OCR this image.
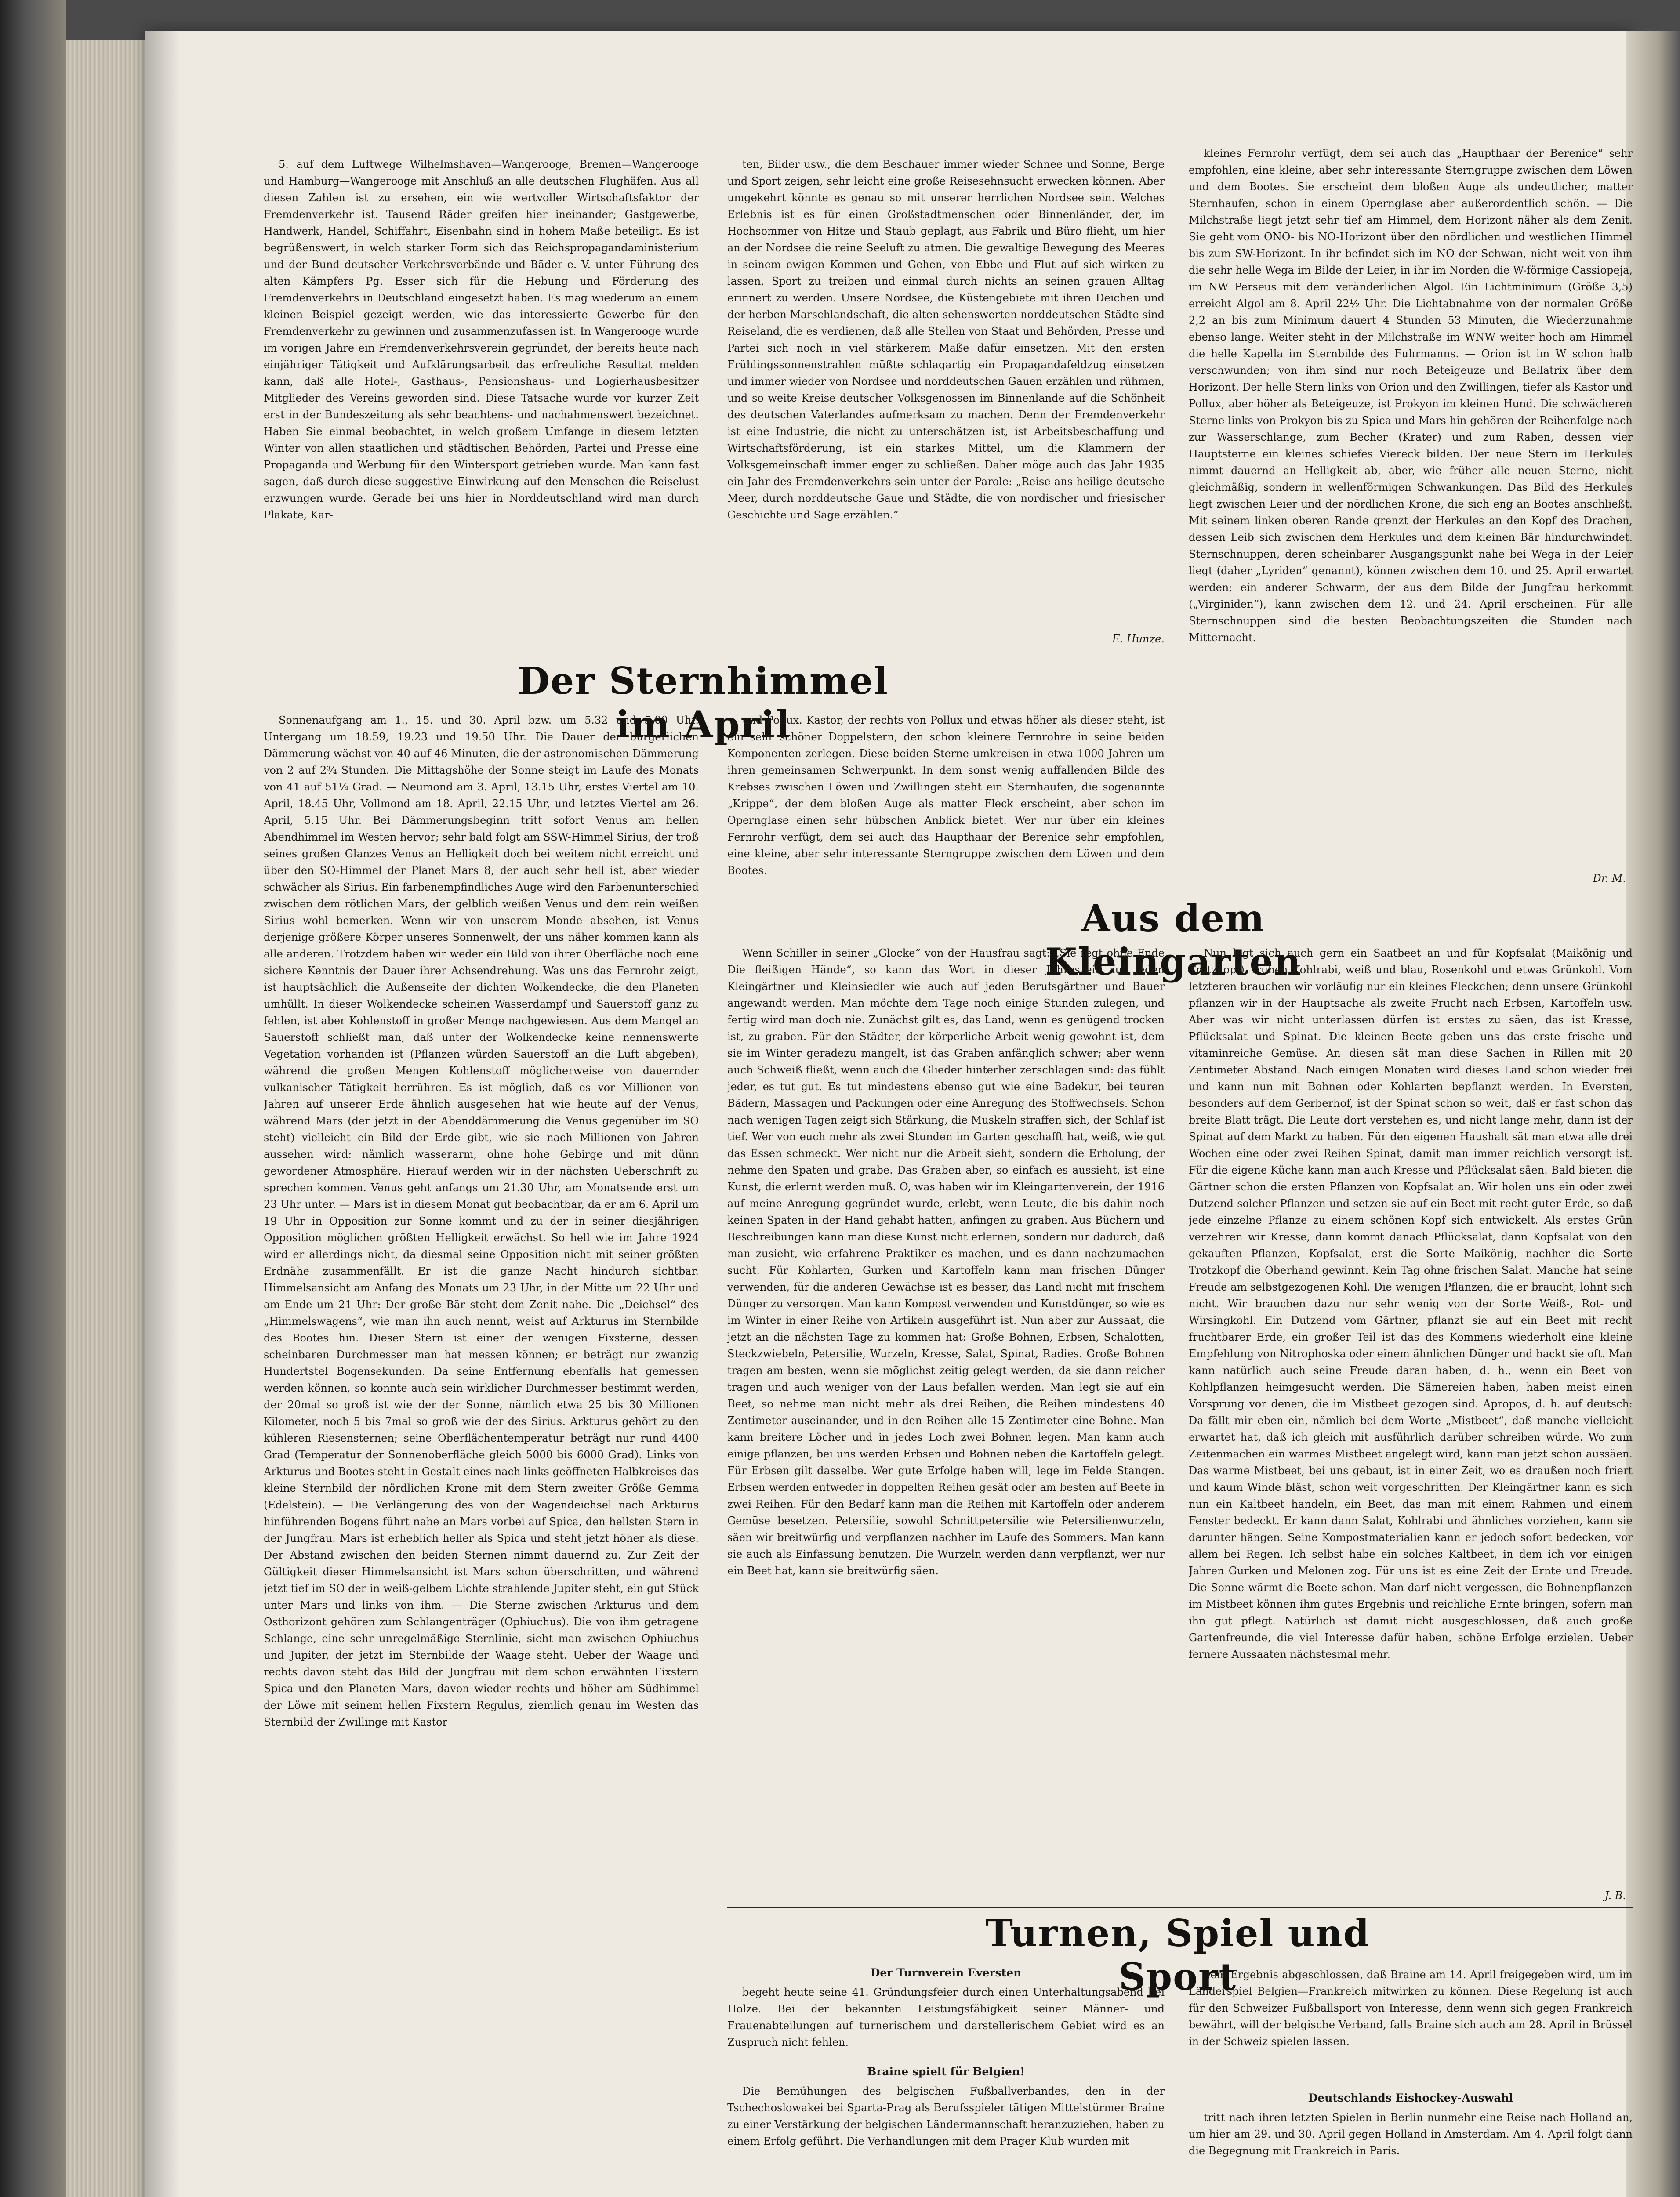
5. auf dem Luftwege Wilhelmshaven—Wangerooge, Bremen—Wangerooge und Hamburg—Wangerooge mit Anschluß an alle deutschen Flughäfen. Aus all diesen Zahlen ist zu ersehen, ein wie wertvoller Wirtschaftsfaktor der Fremdenverkehr ist. Tausend Räder greifen hier ineinander; Gastgewerbe, Handwerk, Handel, Schiffahrt, Eisenbahn sind in hohem Maße beteiligt. Es ist begrüßenswert, in welch starker Form sich das Reichspropagandaministerium und der Bund deutscher Verkehrsverbände und Bäder e. V. unter Führung des alten Kämpfers Pg. Esser sich für die Hebung und Förderung des Fremdenverkehrs in Deutschland eingesetzt haben. Es mag wiederum an einem kleinen Beispiel gezeigt werden, wie das interessierte Gewerbe für den Fremdenverkehr zu gewinnen und zusammenzufassen ist. In Wangerooge wurde im vorigen Jahre ein Fremdenverkehrsverein gegründet, der bereits heute nach einjähriger Tätigkeit und Aufklärungsarbeit das erfreuliche Resultat melden kann, daß alle Hotel-, Gasthaus-, Pensionshaus- und Logierhausbesitzer Mitglieder des Vereins geworden sind. Diese Tatsache wurde vor kurzer Zeit erst in der Bundeszeitung als sehr beachtens- und nachahmenswert bezeichnet. Haben Sie einmal beobachtet, in welch großem Umfange in diesem letzten Winter von allen staatlichen und städtischen Behörden, Partei und Presse eine Propaganda und Werbung für den Wintersport getrieben wurde. Man kann fast sagen, daß durch diese suggestive Einwirkung auf den Menschen die Reiselust erzwungen wurde. Gerade bei uns hier in Norddeutschland wird man durch Plakate, Kar-

ten, Bilder usw., die dem Beschauer immer wieder Schnee und Sonne, Berge und Sport zeigen, sehr leicht eine große Reisesehnsucht erwecken können. Aber umgekehrt könnte es genau so mit unserer herrlichen Nordsee sein. Welches Erlebnis ist es für einen Großstadtmenschen oder Binnenländer, der, im Hochsommer von Hitze und Staub geplagt, aus Fabrik und Büro flieht, um hier an der Nordsee die reine Seeluft zu atmen. Die gewaltige Bewegung des Meeres in seinem ewigen Kommen und Gehen, von Ebbe und Flut auf sich wirken zu lassen, Sport zu treiben und einmal durch nichts an seinen grauen Alltag erinnert zu werden. Unsere Nordsee, die Küstengebiete mit ihren Deichen und der herben Marschlandschaft, die alten sehenswerten norddeutschen Städte sind Reiseland, die es verdienen, daß alle Stellen von Staat und Behörden, Presse und Partei sich noch in viel stärkerem Maße dafür einsetzen. Mit den ersten Frühlingssonnenstrahlen müßte schlagartig ein Propagandafeldzug einsetzen und immer wieder von Nordsee und norddeutschen Gauen erzählen und rühmen, und so weite Kreise deutscher Volksgenossen im Binnenlande auf die Schönheit des deutschen Vaterlandes aufmerksam zu machen. Denn der Fremdenverkehr ist eine Industrie, die nicht zu unterschätzen ist, ist Arbeitsbeschaffung und Wirtschaftsförderung, ist ein starkes Mittel, um die Klammern der Volksgemeinschaft immer enger zu schließen. Daher möge auch das Jahr 1935 ein Jahr des Fremdenverkehrs sein unter der Parole: „Reise ans heilige deutsche Meer, durch norddeutsche Gaue und Städte, die von nordischer und friesischer Geschichte und Sage erzählen.“

E. Hunze.
Der Sternhimmel im April

Sonnenaufgang am 1., 15. und 30. April bzw. um 5.32 und 5.00 Uhr. Untergang um 18.59, 19.23 und 19.50 Uhr. Die Dauer der bürgerlichen Dämmerung wächst von 40 auf 46 Minuten, die der astronomischen Dämmerung von 2 auf 2¾ Stunden. Die Mittagshöhe der Sonne steigt im Laufe des Monats von 41 auf 51¼ Grad. — Neumond am 3. April, 13.15 Uhr, erstes Viertel am 10. April, 18.45 Uhr, Vollmond am 18. April, 22.15 Uhr, und letztes Viertel am 26. April, 5.15 Uhr. Bei Dämmerungsbeginn tritt sofort Venus am hellen Abendhimmel im Westen hervor; sehr bald folgt am SSW-Himmel Sirius, der troß seines großen Glanzes Venus an Helligkeit doch bei weitem nicht erreicht und über den SO-Himmel der Planet Mars 8, der auch sehr hell ist, aber wieder schwächer als Sirius. Ein farbenempfindliches Auge wird den Farbenunterschied zwischen dem rötlichen Mars, der gelblich weißen Venus und dem rein weißen Sirius wohl bemerken. Wenn wir von unserem Monde absehen, ist Venus derjenige größere Körper unseres Sonnenwelt, der uns näher kommen kann als alle anderen. Trotzdem haben wir weder ein Bild von ihrer Oberfläche noch eine sichere Kenntnis der Dauer ihrer Achsendrehung. Was uns das Fernrohr zeigt, ist hauptsächlich die Außenseite der dichten Wolkendecke, die den Planeten umhüllt. In dieser Wolkendecke scheinen Wasserdampf und Sauerstoff ganz zu fehlen, ist aber Kohlenstoff in großer Menge nachgewiesen. Aus dem Mangel an Sauerstoff schließt man, daß unter der Wolkendecke keine nennenswerte Vegetation vorhanden ist (Pflanzen würden Sauerstoff an die Luft abgeben), während die großen Mengen Kohlenstoff möglicherweise von dauernder vulkanischer Tätigkeit herrühren. Es ist möglich, daß es vor Millionen von Jahren auf unserer Erde ähnlich ausgesehen hat wie heute auf der Venus, während Mars (der jetzt in der Abenddämmerung die Venus gegenüber im SO steht) vielleicht ein Bild der Erde gibt, wie sie nach Millionen von Jahren aussehen wird: nämlich wasserarm, ohne hohe Gebirge und mit dünn gewordener Atmosphäre. Hierauf werden wir in der nächsten Ueberschrift zu sprechen kommen. Venus geht anfangs um 21.30 Uhr, am Monatsende erst um 23 Uhr unter. — Mars ist in diesem Monat gut beobachtbar, da er am 6. April um 19 Uhr in Opposition zur Sonne kommt und zu der in seiner diesjährigen Opposition möglichen größten Helligkeit erwächst. So hell wie im Jahre 1924 wird er allerdings nicht, da diesmal seine Opposition nicht mit seiner größten Erdnähe zusammenfällt. Er ist die ganze Nacht hindurch sichtbar. Himmelsansicht am Anfang des Monats um 23 Uhr, in der Mitte um 22 Uhr und am Ende um 21 Uhr: Der große Bär steht dem Zenit nahe. Die „Deichsel“ des „Himmelswagens“, wie man ihn auch nennt, weist auf Arkturus im Sternbilde des Bootes hin. Dieser Stern ist einer der wenigen Fixsterne, dessen scheinbaren Durchmesser man hat messen können; er beträgt nur zwanzig Hundertstel Bogensekunden. Da seine Entfernung ebenfalls hat gemessen werden können, so konnte auch sein wirklicher Durchmesser bestimmt werden, der 20mal so groß ist wie der der Sonne, nämlich etwa 25 bis 30 Millionen Kilometer, noch 5 bis 7mal so groß wie der des Sirius. Arkturus gehört zu den kühleren Riesensternen; seine Oberflächentemperatur beträgt nur rund 4400 Grad (Temperatur der Sonnenoberfläche gleich 5000 bis 6000 Grad). Links von Arkturus und Bootes steht in Gestalt eines nach links geöffneten Halbkreises das kleine Sternbild der nördlichen Krone mit dem Stern zweiter Größe Gemma (Edelstein). — Die Verlängerung des von der Wagendeichsel nach Arkturus hinführenden Bogens führt nahe an Mars vorbei auf Spica, den hellsten Stern in der Jungfrau. Mars ist erheblich heller als Spica und steht jetzt höher als diese. Der Abstand zwischen den beiden Sternen nimmt dauernd zu. Zur Zeit der Gültigkeit dieser Himmelsansicht ist Mars schon überschritten, und während jetzt tief im SO der in weiß-gelbem Lichte strahlende Jupiter steht, ein gut Stück unter Mars und links von ihm. — Die Sterne zwischen Arkturus und dem Osthorizont gehören zum Schlangenträger (Ophiuchus). Die von ihm getragene Schlange, eine sehr unregelmäßige Sternlinie, sieht man zwischen Ophiuchus und Jupiter, der jetzt im Sternbilde der Waage steht. Ueber der Waage und rechts davon steht das Bild der Jungfrau mit dem schon erwähnten Fixstern Spica und den Planeten Mars, davon wieder rechts und höher am Südhimmel der Löwe mit seinem hellen Fixstern Regulus, ziemlich genau im Westen das Sternbild der Zwillinge mit Kastor

und Pollux. Kastor, der rechts von Pollux und etwas höher als dieser steht, ist ein sehr schöner Doppelstern, den schon kleinere Fernrohre in seine beiden Komponenten zerlegen. Diese beiden Sterne umkreisen in etwa 1000 Jahren um ihren gemeinsamen Schwerpunkt. In dem sonst wenig auffallenden Bilde des Krebses zwischen Löwen und Zwillingen steht ein Sternhaufen, die sogenannte „Krippe“, der dem bloßen Auge als matter Fleck erscheint, aber schon im Opernglase einen sehr hübschen Anblick bietet. Wer nur über ein kleines Fernrohr verfügt, dem sei auch das Haupthaar der Berenice sehr empfohlen, eine kleine, aber sehr interessante Sterngruppe zwischen dem Löwen und dem Bootes.

kleines Fernrohr verfügt, dem sei auch das „Haupthaar der Berenice“ sehr empfohlen, eine kleine, aber sehr interessante Sterngruppe zwischen dem Löwen und dem Bootes. Sie erscheint dem bloßen Auge als undeutlicher, matter Sternhaufen, schon in einem Opernglase aber außerordentlich schön. — Die Milchstraße liegt jetzt sehr tief am Himmel, dem Horizont näher als dem Zenit. Sie geht vom ONO- bis NO-Horizont über den nördlichen und westlichen Himmel bis zum SW-Horizont. In ihr befindet sich im NO der Schwan, nicht weit von ihm die sehr helle Wega im Bilde der Leier, in ihr im Norden die W-förmige Cassiopeja, im NW Perseus mit dem veränderlichen Algol. Ein Lichtminimum (Größe 3,5) erreicht Algol am 8. April 22½ Uhr. Die Lichtabnahme von der normalen Größe 2,2 an bis zum Minimum dauert 4 Stunden 53 Minuten, die Wiederzunahme ebenso lange. Weiter steht in der Milchstraße im WNW weiter hoch am Himmel die helle Kapella im Sternbilde des Fuhrmanns. — Orion ist im W schon halb verschwunden; von ihm sind nur noch Beteigeuze und Bellatrix über dem Horizont. Der helle Stern links von Orion und den Zwillingen, tiefer als Kastor und Pollux, aber höher als Beteigeuze, ist Prokyon im kleinen Hund. Die schwächeren Sterne links von Prokyon bis zu Spica und Mars hin gehören der Reihenfolge nach zur Wasserschlange, zum Becher (Krater) und zum Raben, dessen vier Hauptsterne ein kleines schiefes Viereck bilden. Der neue Stern im Herkules nimmt dauernd an Helligkeit ab, aber, wie früher alle neuen Sterne, nicht gleichmäßig, sondern in wellenförmigen Schwankungen. Das Bild des Herkules liegt zwischen Leier und der nördlichen Krone, die sich eng an Bootes anschließt. Mit seinem linken oberen Rande grenzt der Herkules an den Kopf des Drachen, dessen Leib sich zwischen dem Herkules und dem kleinen Bär hindurchwindet. Sternschnuppen, deren scheinbarer Ausgangspunkt nahe bei Wega in der Leier liegt (daher „Lyriden“ genannt), können zwischen dem 10. und 25. April erwartet werden; ein anderer Schwarm, der aus dem Bilde der Jungfrau herkommt („Virginiden“), kann zwischen dem 12. und 24. April erscheinen. Für alle Sternschnuppen sind die besten Beobachtungszeiten die Stunden nach Mitternacht.

Dr. M.
Aus dem Kleingarten

Wenn Schiller in seiner „Glocke“ von der Hausfrau sagt: „Sie regt ohne Ende Die fleißigen Hände“, so kann das Wort in dieser Jahreszeit auf jeden Kleingärtner und Kleinsiedler wie auch auf jeden Berufsgärtner und Bauer angewandt werden. Man möchte dem Tage noch einige Stunden zulegen, und fertig wird man doch nie. Zunächst gilt es, das Land, wenn es genügend trocken ist, zu graben. Für den Städter, der körperliche Arbeit wenig gewohnt ist, dem sie im Winter geradezu mangelt, ist das Graben anfänglich schwer; aber wenn auch Schweiß fließt, wenn auch die Glieder hinterher zerschlagen sind: das fühlt jeder, es tut gut. Es tut mindestens ebenso gut wie eine Badekur, bei teuren Bädern, Massagen und Packungen oder eine Anregung des Stoffwechsels. Schon nach wenigen Tagen zeigt sich Stärkung, die Muskeln straffen sich, der Schlaf ist tief. Wer von euch mehr als zwei Stunden im Garten geschafft hat, weiß, wie gut das Essen schmeckt. Wer nicht nur die Arbeit sieht, sondern die Erholung, der nehme den Spaten und grabe. Das Graben aber, so einfach es aussieht, ist eine Kunst, die erlernt werden muß. O, was haben wir im Kleingartenverein, der 1916 auf meine Anregung gegründet wurde, erlebt, wenn Leute, die bis dahin noch keinen Spaten in der Hand gehabt hatten, anfingen zu graben. Aus Büchern und Beschreibungen kann man diese Kunst nicht erlernen, sondern nur dadurch, daß man zusieht, wie erfahrene Praktiker es machen, und es dann nachzumachen sucht. Für Kohlarten, Gurken und Kartoffeln kann man frischen Dünger verwenden, für die anderen Gewächse ist es besser, das Land nicht mit frischem Dünger zu versorgen. Man kann Kompost verwenden und Kunstdünger, so wie es im Winter in einer Reihe von Artikeln ausgeführt ist. Nun aber zur Aussaat, die jetzt an die nächsten Tage zu kommen hat: Große Bohnen, Erbsen, Schalotten, Steckzwiebeln, Petersilie, Wurzeln, Kresse, Salat, Spinat, Radies. Große Bohnen tragen am besten, wenn sie möglichst zeitig gelegt werden, da sie dann reicher tragen und auch weniger von der Laus befallen werden. Man legt sie auf ein Beet, so nehme man nicht mehr als drei Reihen, die Reihen mindestens 40 Zentimeter auseinander, und in den Reihen alle 15 Zentimeter eine Bohne. Man kann breitere Löcher und in jedes Loch zwei Bohnen legen. Man kann auch einige pflanzen, bei uns werden Erbsen und Bohnen neben die Kartoffeln gelegt. Für Erbsen gilt dasselbe. Wer gute Erfolge haben will, lege im Felde Stangen. Erbsen werden entweder in doppelten Reihen gesät oder am besten auf Beete in zwei Reihen. Für den Bedarf kann man die Reihen mit Kartoffeln oder anderem Gemüse besetzen. Petersilie, sowohl Schnittpetersilie wie Petersilienwurzeln, säen wir breitwürfig und verpflanzen nachher im Laufe des Sommers. Man kann sie auch als Einfassung benutzen. Die Wurzeln werden dann verpflanzt, wer nur ein Beet hat, kann sie breitwürfig säen.

Nun legt sich auch gern ein Saatbeet an und für Kopfsalat (Maikönig und Trotzkopf), frühen Kohlrabi, weiß und blau, Rosenkohl und etwas Grünkohl. Vom letzteren brauchen wir vorläufig nur ein kleines Fleckchen; denn unsere Grünkohl pflanzen wir in der Hauptsache als zweite Frucht nach Erbsen, Kartoffeln usw. Aber was wir nicht unterlassen dürfen ist erstes zu säen, das ist Kresse, Pflücksalat und Spinat. Die kleinen Beete geben uns das erste frische und vitaminreiche Gemüse. An diesen sät man diese Sachen in Rillen mit 20 Zentimeter Abstand. Nach einigen Monaten wird dieses Land schon wieder frei und kann nun mit Bohnen oder Kohlarten bepflanzt werden. In Eversten, besonders auf dem Gerberhof, ist der Spinat schon so weit, daß er fast schon das breite Blatt trägt. Die Leute dort verstehen es, und nicht lange mehr, dann ist der Spinat auf dem Markt zu haben. Für den eigenen Haushalt sät man etwa alle drei Wochen eine oder zwei Reihen Spinat, damit man immer reichlich versorgt ist. Für die eigene Küche kann man auch Kresse und Pflücksalat säen. Bald bieten die Gärtner schon die ersten Pflanzen von Kopfsalat an. Wir holen uns ein oder zwei Dutzend solcher Pflanzen und setzen sie auf ein Beet mit recht guter Erde, so daß jede einzelne Pflanze zu einem schönen Kopf sich entwickelt. Als erstes Grün verzehren wir Kresse, dann kommt danach Pflücksalat, dann Kopfsalat von den gekauften Pflanzen, Kopfsalat, erst die Sorte Maikönig, nachher die Sorte Trotzkopf die Oberhand gewinnt. Kein Tag ohne frischen Salat. Manche hat seine Freude am selbstgezogenen Kohl. Die wenigen Pflanzen, die er braucht, lohnt sich nicht. Wir brauchen dazu nur sehr wenig von der Sorte Weiß-, Rot- und Wirsingkohl. Ein Dutzend vom Gärtner, pflanzt sie auf ein Beet mit recht fruchtbarer Erde, ein großer Teil ist das des Kommens wiederholt eine kleine Empfehlung von Nitrophoska oder einem ähnlichen Dünger und hackt sie oft. Man kann natürlich auch seine Freude daran haben, d. h., wenn ein Beet von Kohlpflanzen heimgesucht werden. Die Sämereien haben, haben meist einen Vorsprung vor denen, die im Mistbeet gezogen sind. Apropos, d. h. auf deutsch: Da fällt mir eben ein, nämlich bei dem Worte „Mistbeet“, daß manche vielleicht erwartet hat, daß ich gleich mit ausführlich darüber schreiben würde. Wo zum Zeitenmachen ein warmes Mistbeet angelegt wird, kann man jetzt schon aussäen. Das warme Mistbeet, bei uns gebaut, ist in einer Zeit, wo es draußen noch friert und kaum Winde bläst, schon weit vorgeschritten. Der Kleingärtner kann es sich nun ein Kaltbeet handeln, ein Beet, das man mit einem Rahmen und einem Fenster bedeckt. Er kann dann Salat, Kohlrabi und ähnliches vorziehen, kann sie darunter hängen. Seine Kompostmaterialien kann er jedoch sofort bedecken, vor allem bei Regen. Ich selbst habe ein solches Kaltbeet, in dem ich vor einigen Jahren Gurken und Melonen zog. Für uns ist es eine Zeit der Ernte und Freude. Die Sonne wärmt die Beete schon. Man darf nicht vergessen, die Bohnenpflanzen im Mistbeet können ihm gutes Ergebnis und reichliche Ernte bringen, sofern man ihn gut pflegt. Natürlich ist damit nicht ausgeschlossen, daß auch große Gartenfreunde, die viel Interesse dafür haben, schöne Erfolge erzielen. Ueber fernere Aussaaten nächstesmal mehr.

J. B.
Turnen, Spiel und Sport
Der Turnverein Eversten

begeht heute seine 41. Gründungsfeier durch einen Unterhaltungsabend bei Holze. Bei der bekannten Leistungsfähigkeit seiner Männer- und Frauenabteilungen auf turnerischem und darstellerischem Gebiet wird es an Zuspruch nicht fehlen.

Braine spielt für Belgien!

Die Bemühungen des belgischen Fußballverbandes, den in der Tschechoslowakei bei Sparta-Prag als Berufsspieler tätigen Mittelstürmer Braine zu einer Verstärkung der belgischen Ländermannschaft heranzuziehen, haben zu einem Erfolg geführt. Die Verhandlungen mit dem Prager Klub wurden mit

dem Ergebnis abgeschlossen, daß Braine am 14. April freigegeben wird, um im Länderspiel Belgien—Frankreich mitwirken zu können. Diese Regelung ist auch für den Schweizer Fußballsport von Interesse, denn wenn sich gegen Frankreich bewährt, will der belgische Verband, falls Braine sich auch am 28. April in Brüssel in der Schweiz spielen lassen.

Deutschlands Eishockey-Auswahl

tritt nach ihren letzten Spielen in Berlin nunmehr eine Reise nach Holland an, um hier am 29. und 30. April gegen Holland in Amsterdam. Am 4. April folgt dann die Begegnung mit Frankreich in Paris.
